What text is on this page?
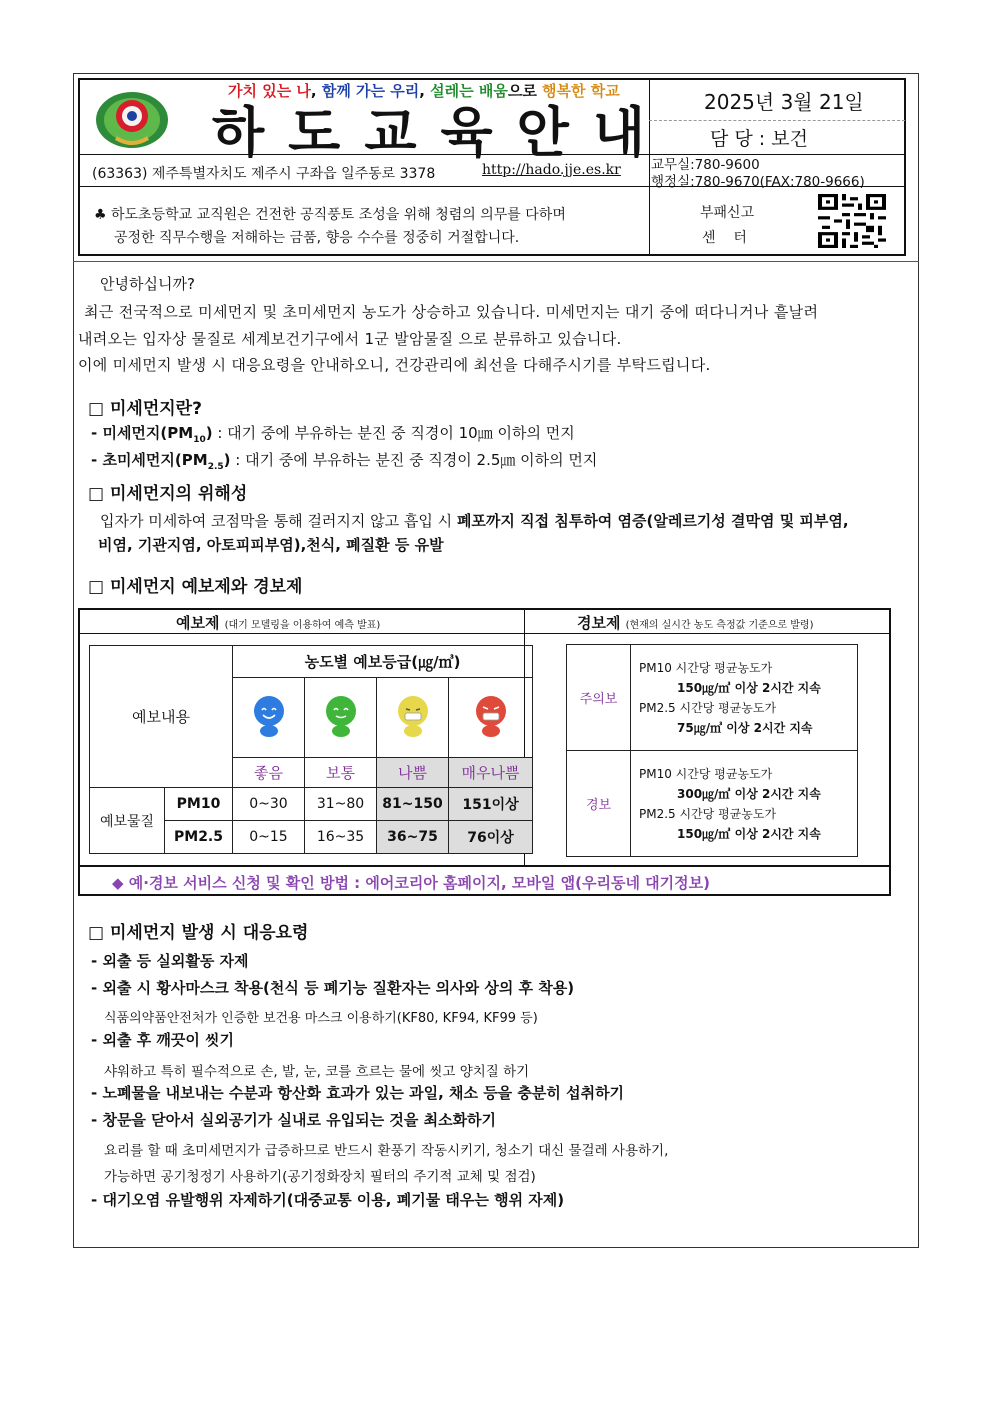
가치 있는 나, 함께 가는 우리, 설레는 배움으로 행복한 학교
하도교육안내 2025년 3월 21일
담 당 : 보건
(63363) 제주특별자치도 제주시 구좌읍 일주동로 3378	http://hado.jje.es.kr 교무실:780-9600
행정실:780-9670(FAX:780-9666)
♣ 하도초등학교 교직원은 건전한 공직풍토 조성을 위해 청렴의 의무를 다하며
공정한 직무수행을 저해하는 금품, 향응 수수를 정중히 거절합니다.
부패신고
센    터
안녕하십니까?
최근 전국적으로 미세먼지 및 초미세먼지 농도가 상승하고 있습니다. 미세먼지는 대기 중에 떠다니거나 흩날려
내려오는 입자상 물질로 세계보건기구에서 1군 발암물질 으로 분류하고 있습니다.
이에 미세먼지 발생 시 대응요령을 안내하오니, 건강관리에 최선을 다해주시기를 부탁드립니다.
□ 미세먼지란?
- 미세먼지$(PM_{10})$ : 대기 중에 부유하는 분진 중 직경이 10㎛ 이하의 먼지
- 초미세먼지$(PM_{2.5})$ : 대기 중에 부유하는 분진 중 직경이 2.5㎛ 이하의 먼지
□ 미세먼지의 위해성
입자가 미세하여 코점막을 통해 걸러지지 않고 흡입 시 폐포까지 직접 침투하여 염증(알레르기성 결막염 및 피부염,
비염, 기관지염, 아토피피부염),천식, 폐질환 등 유발
□ 미세먼지 예보제와 경보제
예보제 (대기 모델링을 이용하여 예측 발표)	경보제 (현재의 실시간 농도 측정값 기준으로 발령)
예보내용		농도별 예보등급(㎍/㎥)			

		좋음	보통	나쁨	매우나쁨
예보물질	PM10	0~30	31~80	81~150	151이상
	PM2.5	0~15	16~35	36~75	76이상
주의보	PM10 시간당 평균농도가
150㎍/㎥ 이상 2시간 지속
PM2.5 시간당 평균농도가
75㎍/㎥ 이상 2시간 지속

경보	PM10 시간당 평균농도가
300㎍/㎥ 이상 2시간 지속
PM2.5 시간당 평균농도가
150㎍/㎥ 이상 2시간 지속
◆ 예·경보 서비스 신청 및 확인 방법 : 에어코리아 홈페이지, 모바일 앱(우리동네 대기정보)
□ 미세먼지 발생 시 대응요령
- 외출 등 실외활동 자제
- 외출 시 황사마스크 착용(천식 등 폐기능 질환자는 의사와 상의 후 착용)
식품의약품안전처가 인증한 보건용 마스크 이용하기(KF80, KF94, KF99 등)
- 외출 후 깨끗이 씻기
샤워하고 특히 필수적으로 손, 발, 눈, 코를 흐르는 물에 씻고 양치질 하기
- 노폐물을 내보내는 수분과 항산화 효과가 있는 과일, 채소 등을 충분히 섭취하기
- 창문을 닫아서 실외공기가 실내로 유입되는 것을 최소화하기
요리를 할 때 초미세먼지가 급증하므로 반드시 환풍기 작동시키기, 청소기 대신 물걸레 사용하기,
가능하면 공기청정기 사용하기(공기정화장치 필터의 주기적 교체 및 점검)
- 대기오염 유발행위 자제하기(대중교통 이용, 폐기물 태우는 행위 자제)
